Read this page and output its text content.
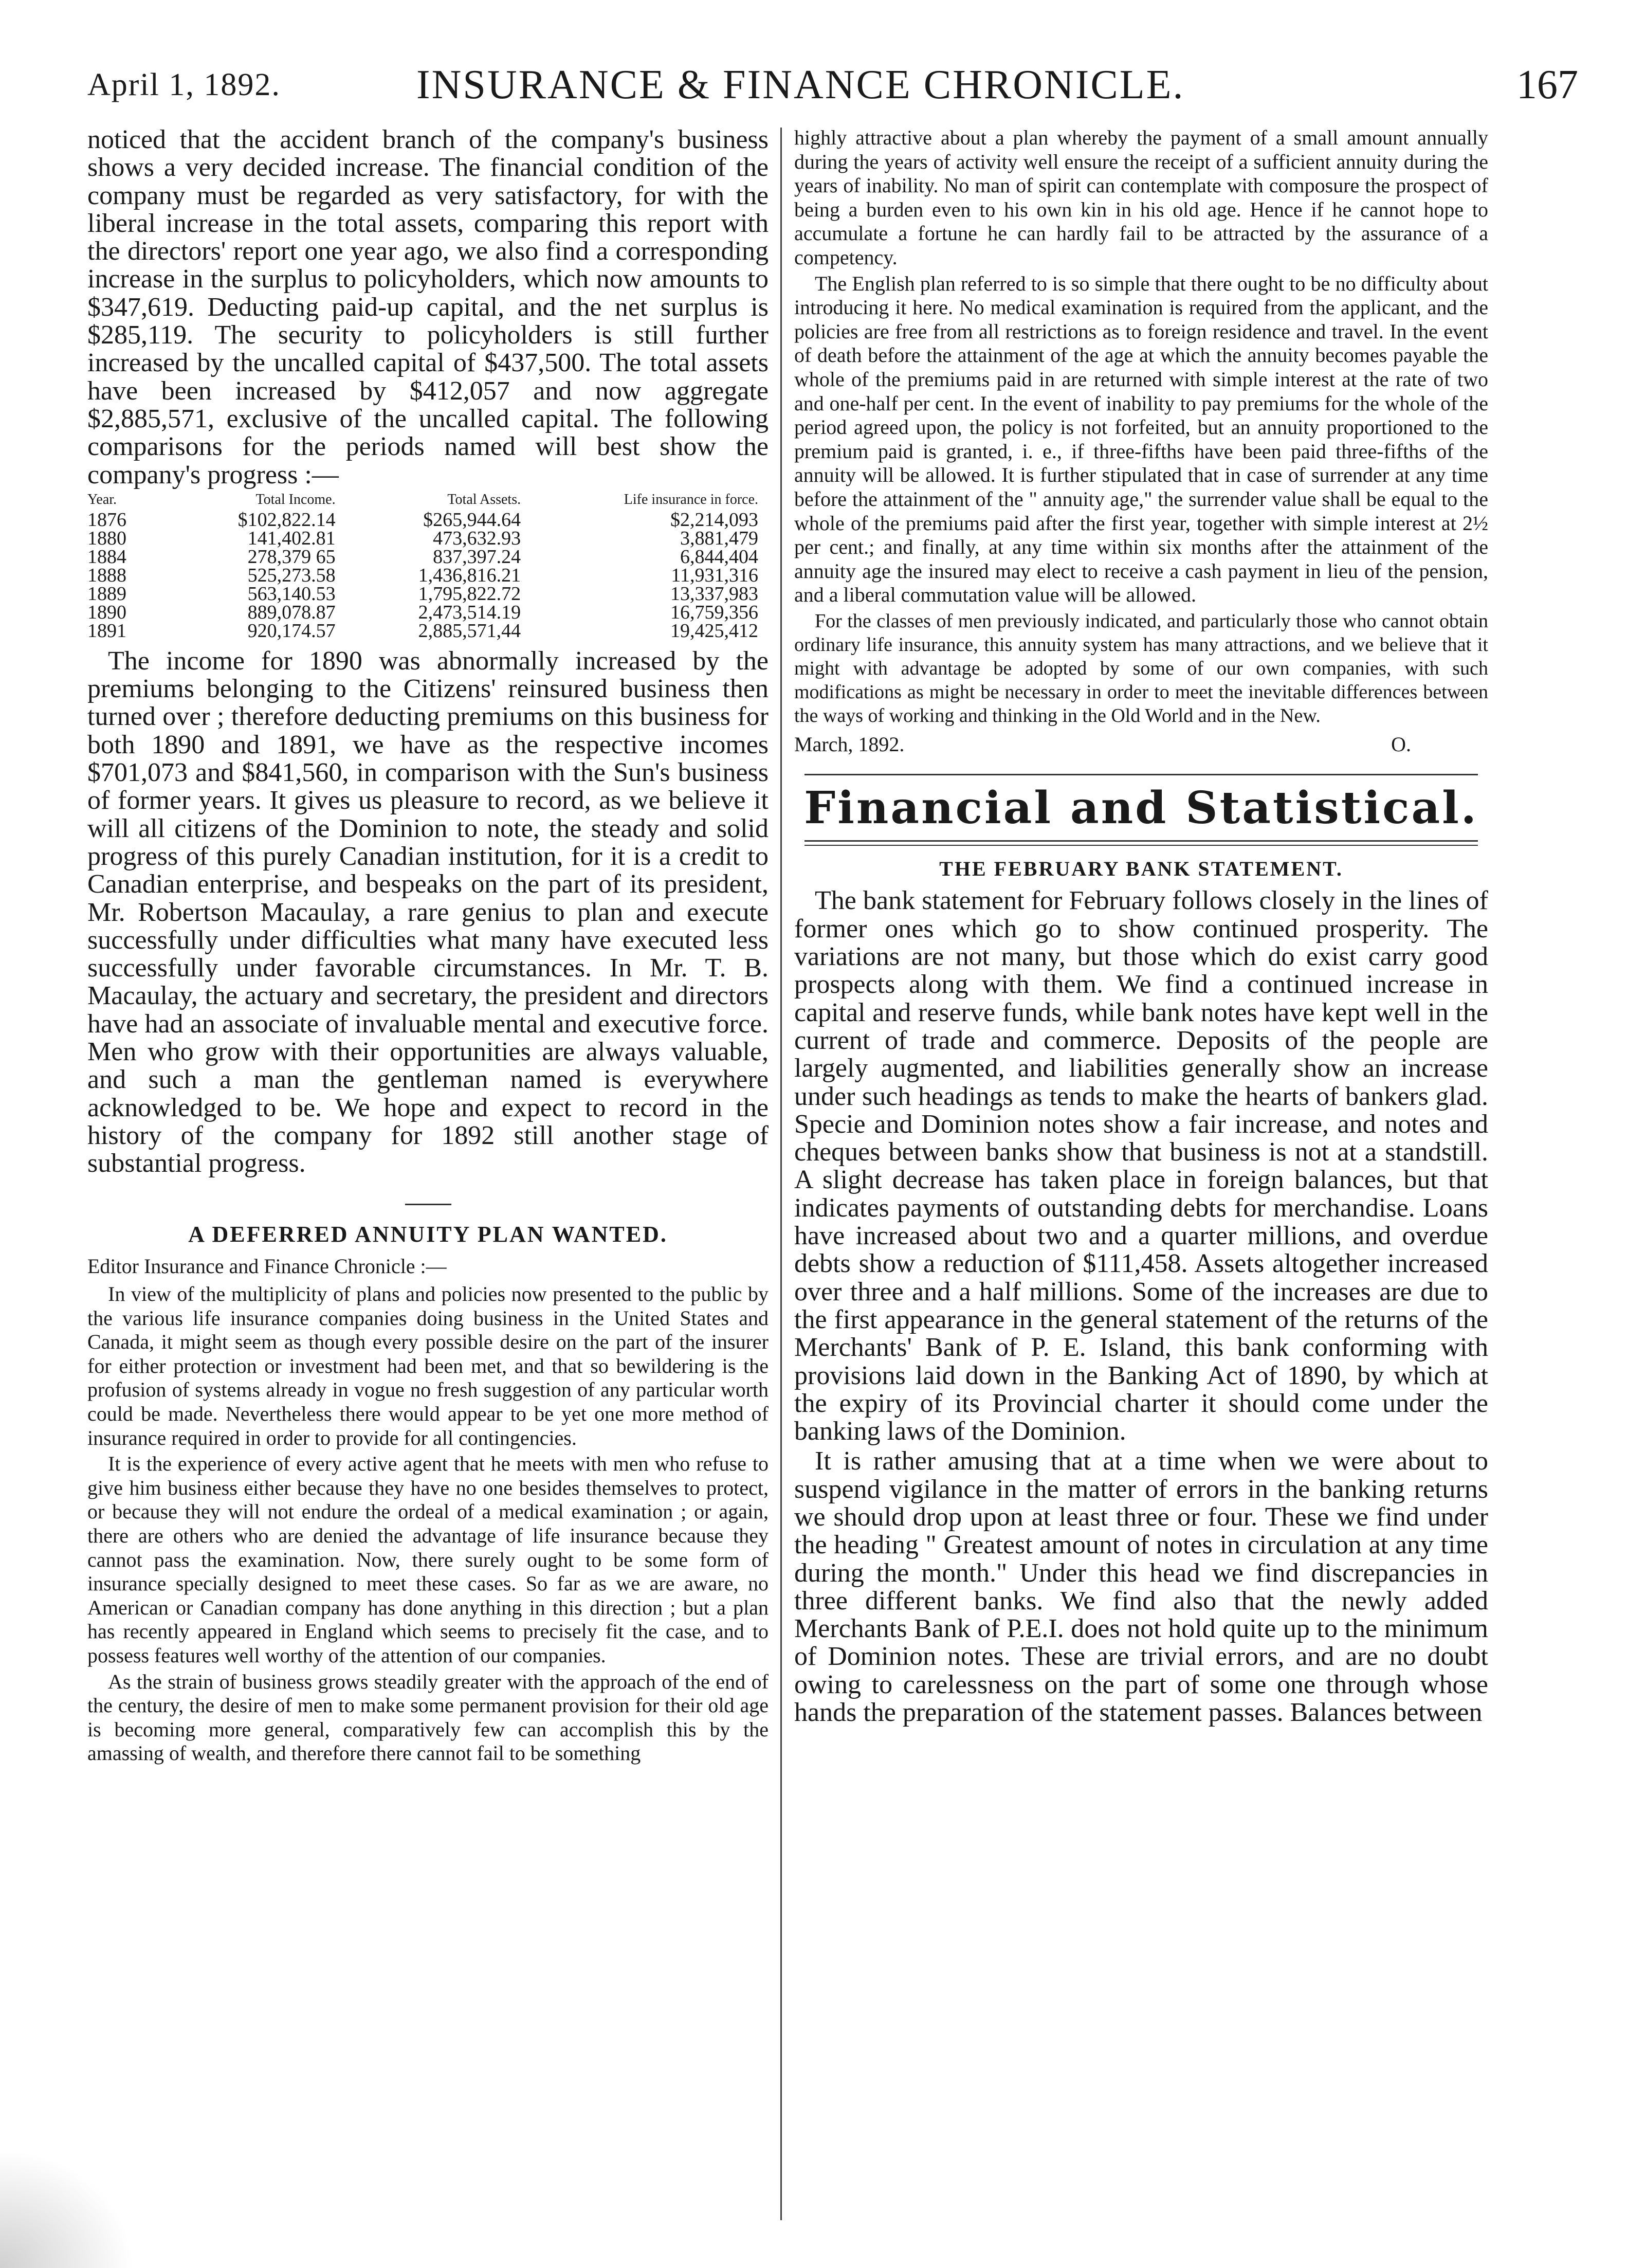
April 1, 1892.	INSURANCE & FINANCE CHRONICLE.	167

noticed that the accident branch of the company's business shows a very decided increase. The financial condition of the company must be regarded as very satisfactory, for with the liberal increase in the total assets, comparing this report with the directors' report one year ago, we also find a corresponding increase in the surplus to policyholders, which now amounts to $347,619. Deducting paid-up capital, and the net surplus is $285,119. The security to policyholders is still further increased by the uncalled capital of $437,500. The total assets have been increased by $412,057 and now aggregate $2,885,571, exclusive of the uncalled capital. The following comparisons for the periods named will best show the company's progress :—

Year.	Total Income.	Total Assets.	Life insurance in force.
1876	$102,822.14	$265,944.64	$2,214,093
1880	141,402.81	473,632.93	3,881,479
1884	278,379 65	837,397.24	6,844,404
1888	525,273.58	1,436,816.21	11,931,316
1889	563,140.53	1,795,822.72	13,337,983
1890	889,078.87	2,473,514.19	16,759,356
1891	920,174.57	2,885,571,44	19,425,412

The income for 1890 was abnormally increased by the premiums belonging to the Citizens' reinsured business then turned over ; therefore deducting premiums on this business for both 1890 and 1891, we have as the respective incomes $701,073 and $841,560, in comparison with the Sun's business of former years. It gives us pleasure to record, as we believe it will all citizens of the Dominion to note, the steady and solid progress of this purely Canadian institution, for it is a credit to Canadian enterprise, and bespeaks on the part of its president, Mr. Robertson Macaulay, a rare genius to plan and execute successfully under difficulties what many have executed less successfully under favorable circumstances. In Mr. T. B. Macaulay, the actuary and secretary, the president and directors have had an associate of invaluable mental and executive force. Men who grow with their opportunities are always valuable, and such a man the gentleman named is everywhere acknowledged to be. We hope and expect to record in the history of the company for 1892 still another stage of substantial progress.

A DEFERRED ANNUITY PLAN WANTED.
Editor Insurance and Finance Chronicle :—

In view of the multiplicity of plans and policies now presented to the public by the various life insurance companies doing business in the United States and Canada, it might seem as though every possible desire on the part of the insurer for either protection or investment had been met, and that so bewildering is the profusion of systems already in vogue no fresh suggestion of any particular worth could be made. Nevertheless there would appear to be yet one more method of insurance required in order to provide for all contingencies.

It is the experience of every active agent that he meets with men who refuse to give him business either because they have no one besides themselves to protect, or because they will not endure the ordeal of a medical examination ; or again, there are others who are denied the advantage of life insurance because they cannot pass the examination. Now, there surely ought to be some form of insurance specially designed to meet these cases. So far as we are aware, no American or Canadian company has done anything in this direction ; but a plan has recently appeared in England which seems to precisely fit the case, and to possess features well worthy of the attention of our companies.

As the strain of business grows steadily greater with the approach of the end of the century, the desire of men to make some permanent provision for their old age is becoming more general, comparatively few can accomplish this by the amassing of wealth, and therefore there cannot fail to be something

highly attractive about a plan whereby the payment of a small amount annually during the years of activity well ensure the receipt of a sufficient annuity during the years of inability. No man of spirit can contemplate with composure the prospect of being a burden even to his own kin in his old age. Hence if he cannot hope to accumulate a fortune he can hardly fail to be attracted by the assurance of a competency.

The English plan referred to is so simple that there ought to be no difficulty about introducing it here. No medical examination is required from the applicant, and the policies are free from all restrictions as to foreign residence and travel. In the event of death before the attainment of the age at which the annuity becomes payable the whole of the premiums paid in are returned with simple interest at the rate of two and one-half per cent. In the event of inability to pay premiums for the whole of the period agreed upon, the policy is not forfeited, but an annuity proportioned to the premium paid is granted, i. e., if three-fifths have been paid three-fifths of the annuity will be allowed. It is further stipulated that in case of surrender at any time before the attainment of the " annuity age," the surrender value shall be equal to the whole of the premiums paid after the first year, together with simple interest at 2½ per cent.; and finally, at any time within six months after the attainment of the annuity age the insured may elect to receive a cash payment in lieu of the pension, and a liberal commutation value will be allowed.

For the classes of men previously indicated, and particularly those who cannot obtain ordinary life insurance, this annuity system has many attractions, and we believe that it might with advantage be adopted by some of our own companies, with such modifications as might be necessary in order to meet the inevitable differences between the ways of working and thinking in the Old World and in the New.

March, 1892.	O.
Financial and Statistical.
THE FEBRUARY BANK STATEMENT.

The bank statement for February follows closely in the lines of former ones which go to show continued prosperity. The variations are not many, but those which do exist carry good prospects along with them. We find a continued increase in capital and reserve funds, while bank notes have kept well in the current of trade and commerce. Deposits of the people are largely augmented, and liabilities generally show an increase under such headings as tends to make the hearts of bankers glad. Specie and Dominion notes show a fair increase, and notes and cheques between banks show that business is not at a standstill. A slight decrease has taken place in foreign balances, but that indicates payments of outstanding debts for merchandise. Loans have increased about two and a quarter millions, and overdue debts show a reduction of $111,458. Assets altogether increased over three and a half millions. Some of the increases are due to the first appearance in the general statement of the returns of the Merchants' Bank of P. E. Island, this bank conforming with provisions laid down in the Banking Act of 1890, by which at the expiry of its Provincial charter it should come under the banking laws of the Dominion.

It is rather amusing that at a time when we were about to suspend vigilance in the matter of errors in the banking returns we should drop upon at least three or four. These we find under the heading " Greatest amount of notes in circulation at any time during the month." Under this head we find discrepancies in three different banks. We find also that the newly added Merchants Bank of P.E.I. does not hold quite up to the minimum of Dominion notes. These are trivial errors, and are no doubt owing to carelessness on the part of some one through whose hands the preparation of the statement passes. Balances between
